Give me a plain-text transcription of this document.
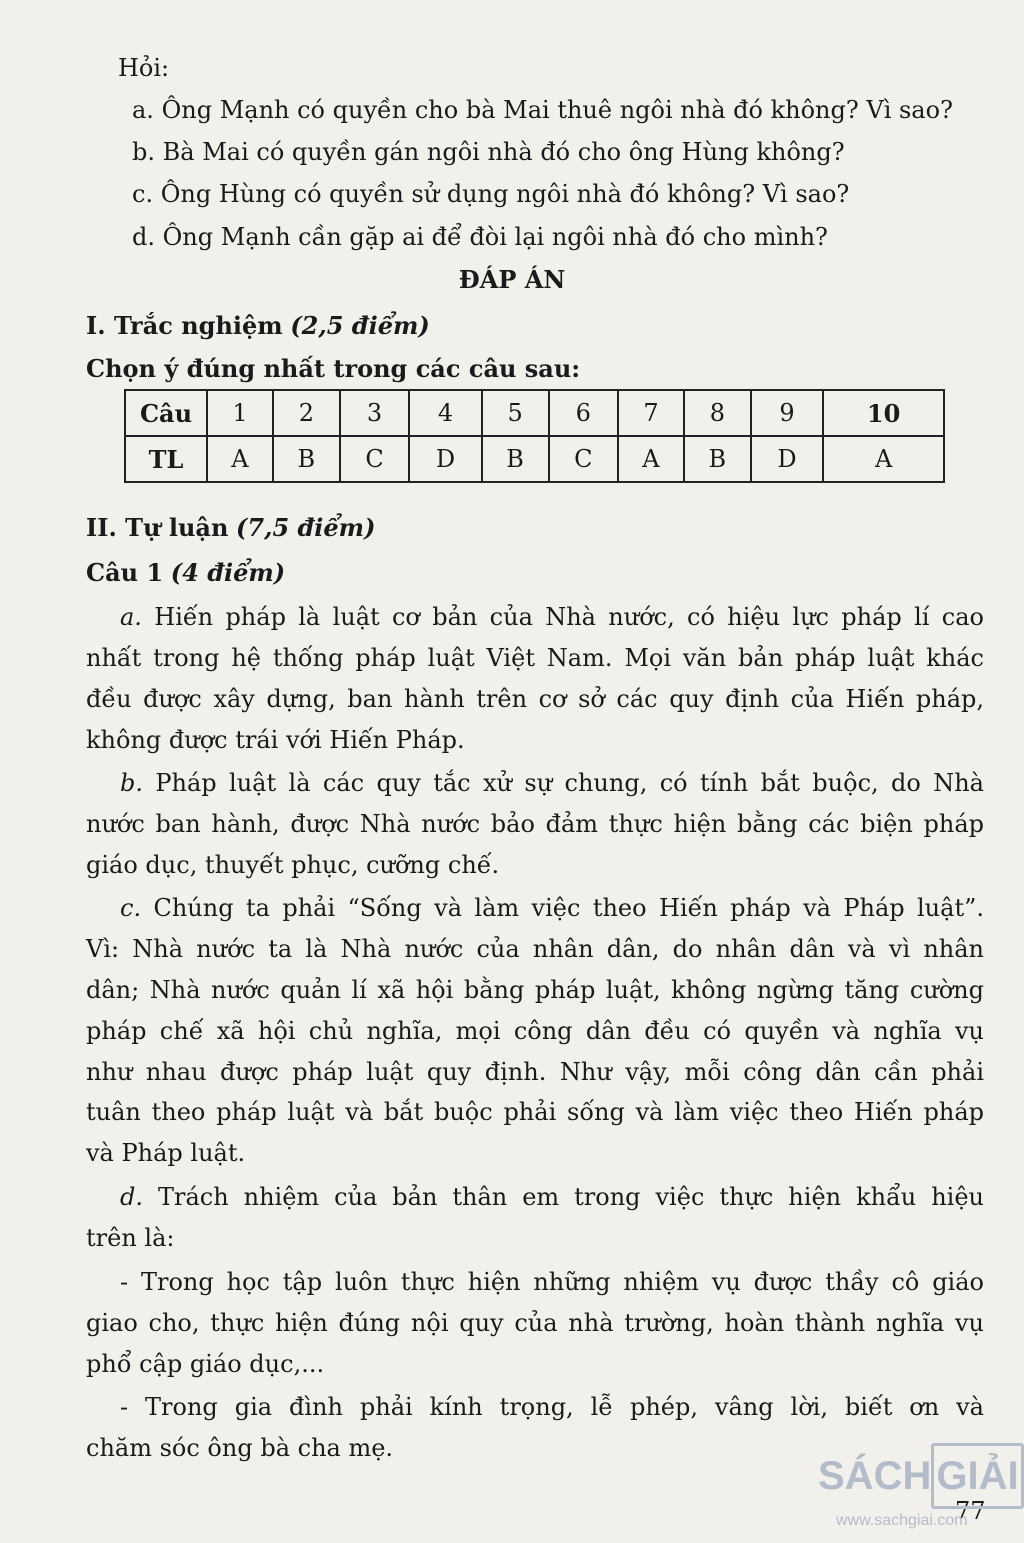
Hỏi:
a. Ông Mạnh có quyền cho bà Mai thuê ngôi nhà đó không? Vì sao?
b. Bà Mai có quyền gán ngôi nhà đó cho ông Hùng không?
c. Ông Hùng có quyền sử dụng ngôi nhà đó không? Vì sao?
d. Ông Mạnh cần gặp ai để đòi lại ngôi nhà đó cho mình?
ĐÁP ÁN
I. Trắc nghiệm (2,5 điểm)
Chọn ý đúng nhất trong các câu sau:
Câu	1	2	3	4	5	6	7	8	9	10
TL	A	B	C	D	B	C	A	B	D	A
II. Tự luận (7,5 điểm)
Câu 1 (4 điểm)
a. Hiến pháp là luật cơ bản của Nhà nước, có hiệu lực pháp lí cao
nhất trong hệ thống pháp luật Việt Nam. Mọi văn bản pháp luật khác
đều được xây dựng, ban hành trên cơ sở các quy định của Hiến pháp,
không được trái với Hiến Pháp.
b. Pháp luật là các quy tắc xử sự chung, có tính bắt buộc, do Nhà
nước ban hành, được Nhà nước bảo đảm thực hiện bằng các biện pháp
giáo dục, thuyết phục, cưỡng chế.
c. Chúng ta phải “Sống và làm việc theo Hiến pháp và Pháp luật”.
Vì: Nhà nước ta là Nhà nước của nhân dân, do nhân dân và vì nhân
dân; Nhà nước quản lí xã hội bằng pháp luật, không ngừng tăng cường
pháp chế xã hội chủ nghĩa, mọi công dân đều có quyền và nghĩa vụ
như nhau được pháp luật quy định. Như vậy, mỗi công dân cần phải
tuân theo pháp luật và bắt buộc phải sống và làm việc theo Hiến pháp
và Pháp luật.
d. Trách nhiệm của bản thân em trong việc thực hiện khẩu hiệu
trên là:
- Trong học tập luôn thực hiện những nhiệm vụ được thầy cô giáo
giao cho, thực hiện đúng nội quy của nhà trường, hoàn thành nghĩa vụ
phổ cập giáo dục,...
- Trong gia đình phải kính trọng, lễ phép, vâng lời, biết ơn và
chăm sóc ông bà cha mẹ.
77
SÁCH GIẢI
www.sachgiai.com
